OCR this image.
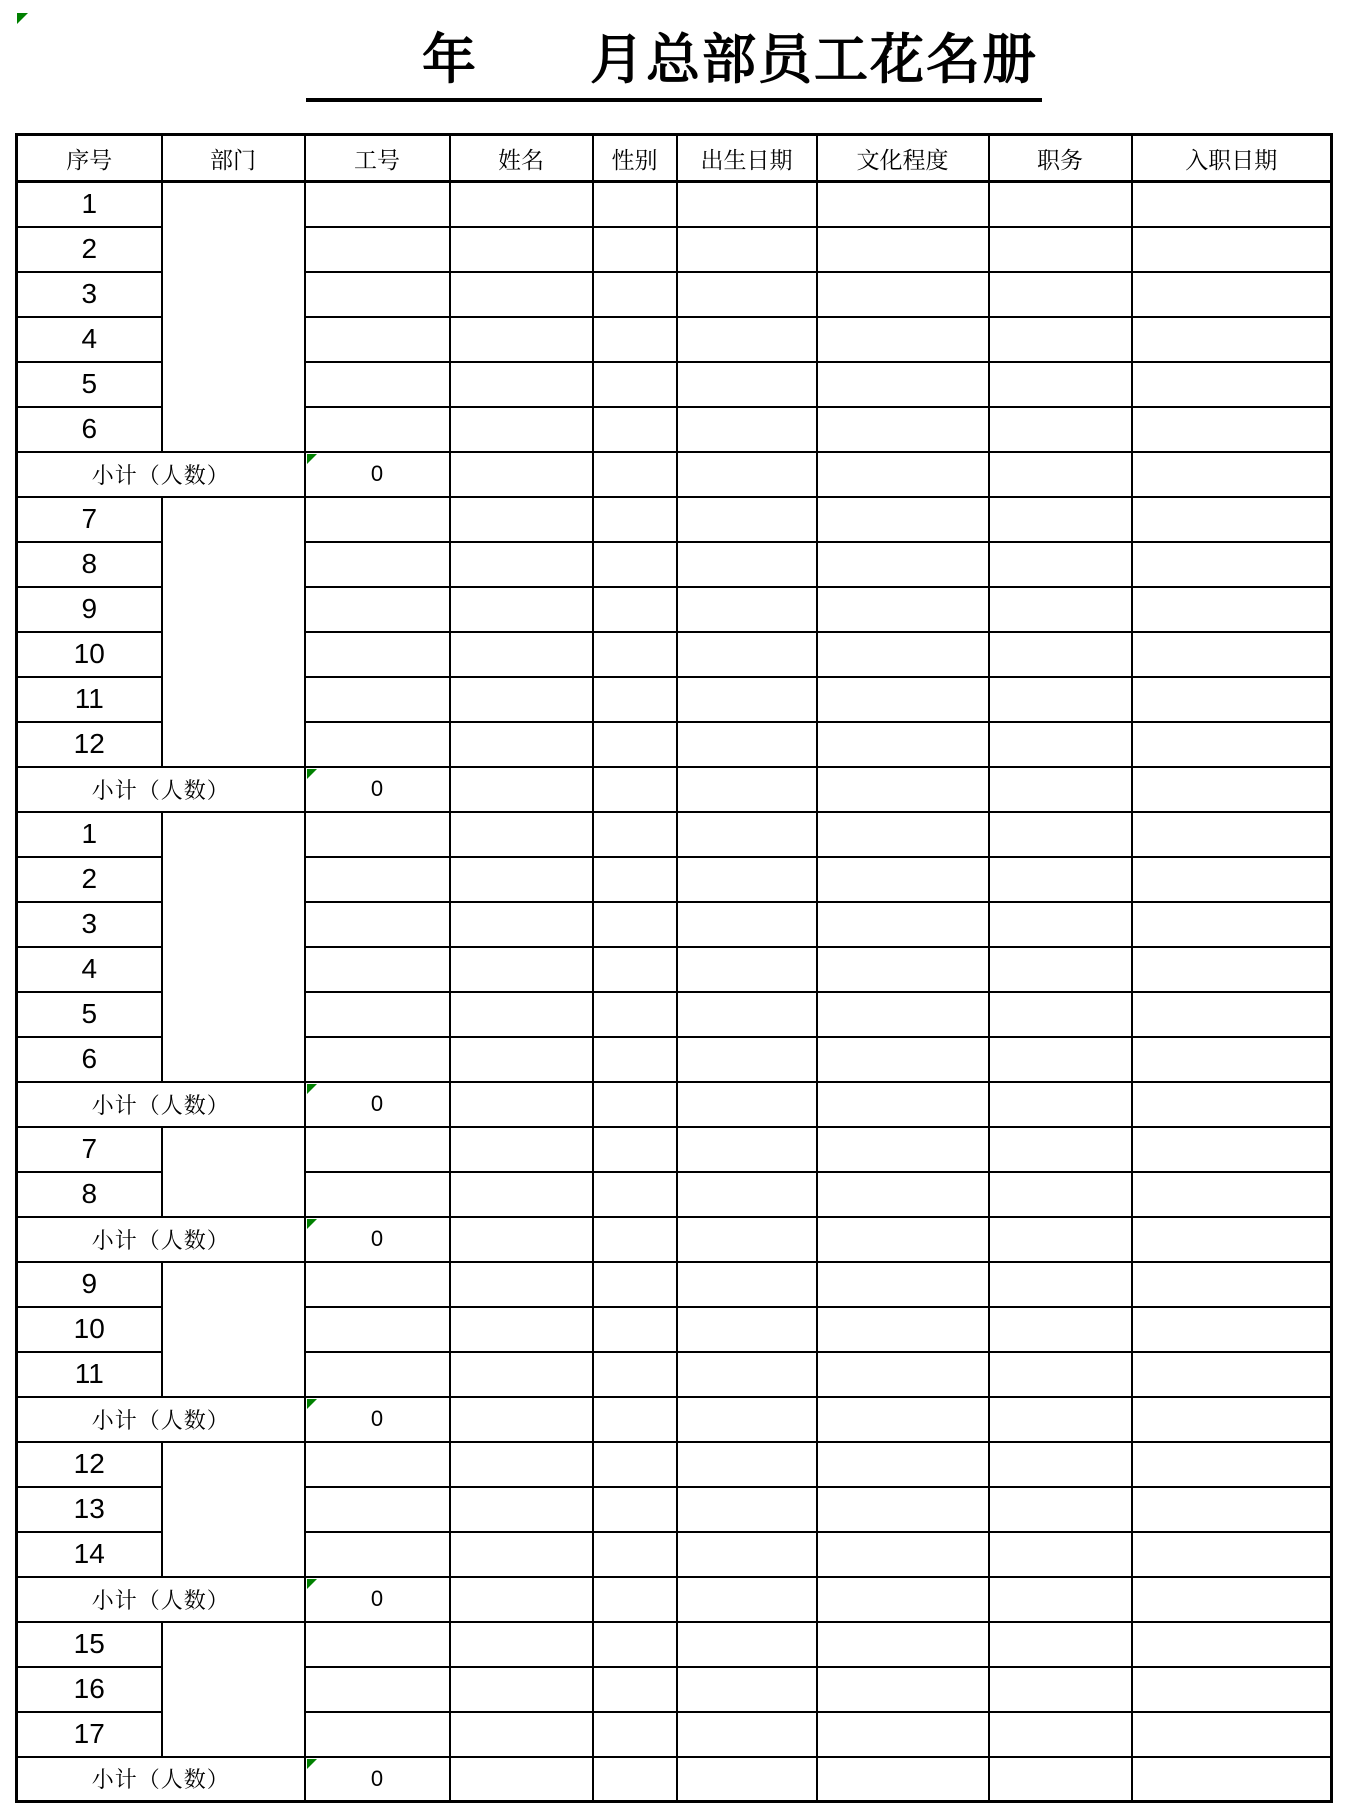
　　年　　月总部员工花名册
序号	部门	工号	姓名	性别	出生日期	文化程度	职务	入职日期
1								
2								
3								
4								
5								
6								
小计（人数）		0						
7								
8								
9								
10								
11								
12								
小计（人数）		0						
1								
2								
3								
4								
5								
6								
小计（人数）		0						
7								
8								
小计（人数）		0						
9								
10								
11								
小计（人数）		0						
12								
13								
14								
小计（人数）		0						
15								
16								
17								
小计（人数）		0						
